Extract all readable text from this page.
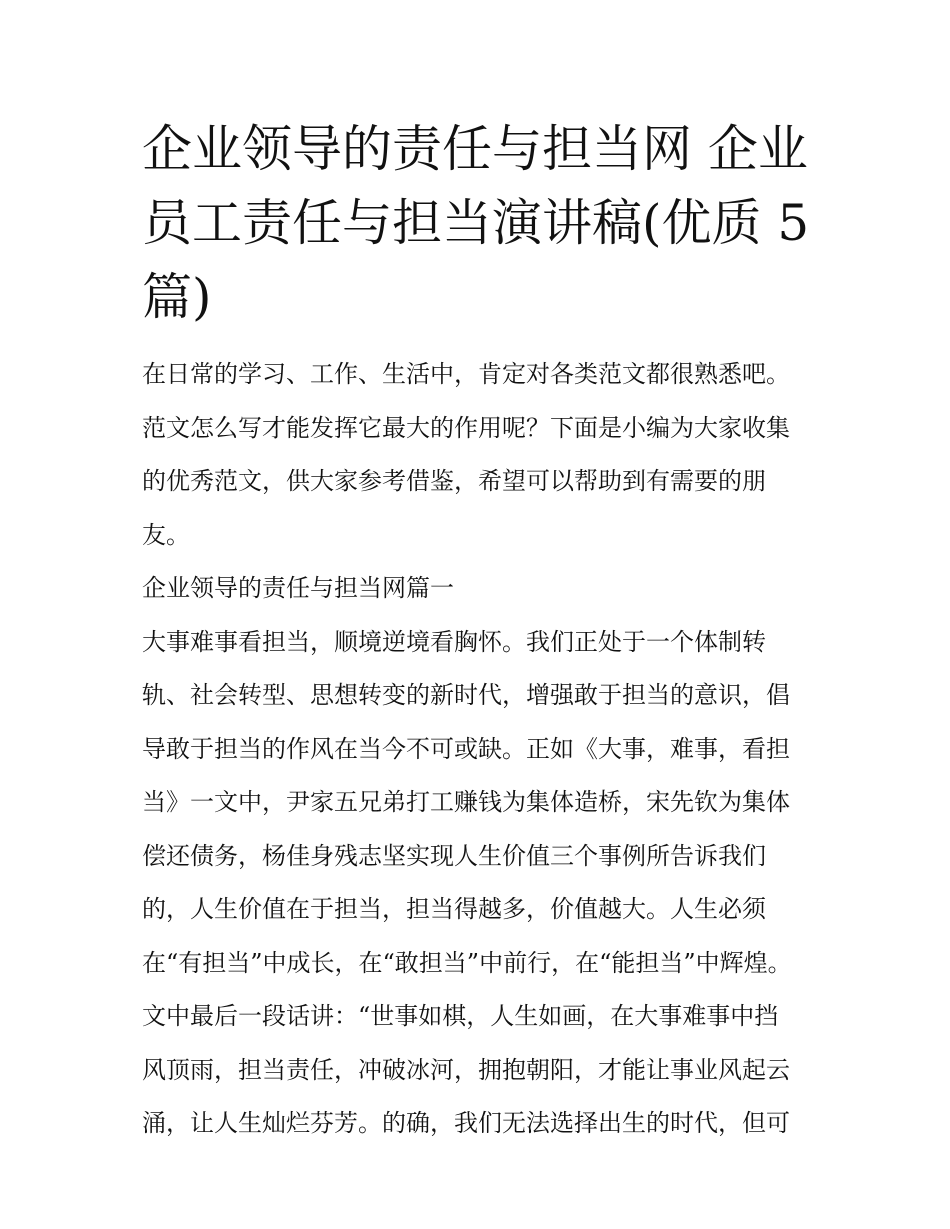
企业领导的责任与担当网 企业
员工责任与担当演讲稿(优质 5
篇)

在日常的学习、工作、生活中，肯定对各类范文都很熟悉吧。
范文怎么写才能发挥它最大的作用呢？下面是小编为大家收集
的优秀范文，供大家参考借鉴，希望可以帮助到有需要的朋
友。

企业领导的责任与担当网篇一

大事难事看担当，顺境逆境看胸怀。我们正处于一个体制转
轨、社会转型、思想转变的新时代，增强敢于担当的意识，倡
导敢于担当的作风在当今不可或缺。正如《大事，难事，看担
当》一文中，尹家五兄弟打工赚钱为集体造桥，宋先钦为集体
偿还债务，杨佳身残志坚实现人生价值三个事例所告诉我们
的，人生价值在于担当，担当得越多，价值越大。人生必须
在“有担当”中成长，在“敢担当”中前行，在“能担当”中辉煌。
文中最后一段话讲：“世事如棋，人生如画，在大事难事中挡
风顶雨，担当责任，冲破冰河，拥抱朝阳，才能让事业风起云
涌，让人生灿烂芬芳。的确，我们无法选择出生的时代，但可
